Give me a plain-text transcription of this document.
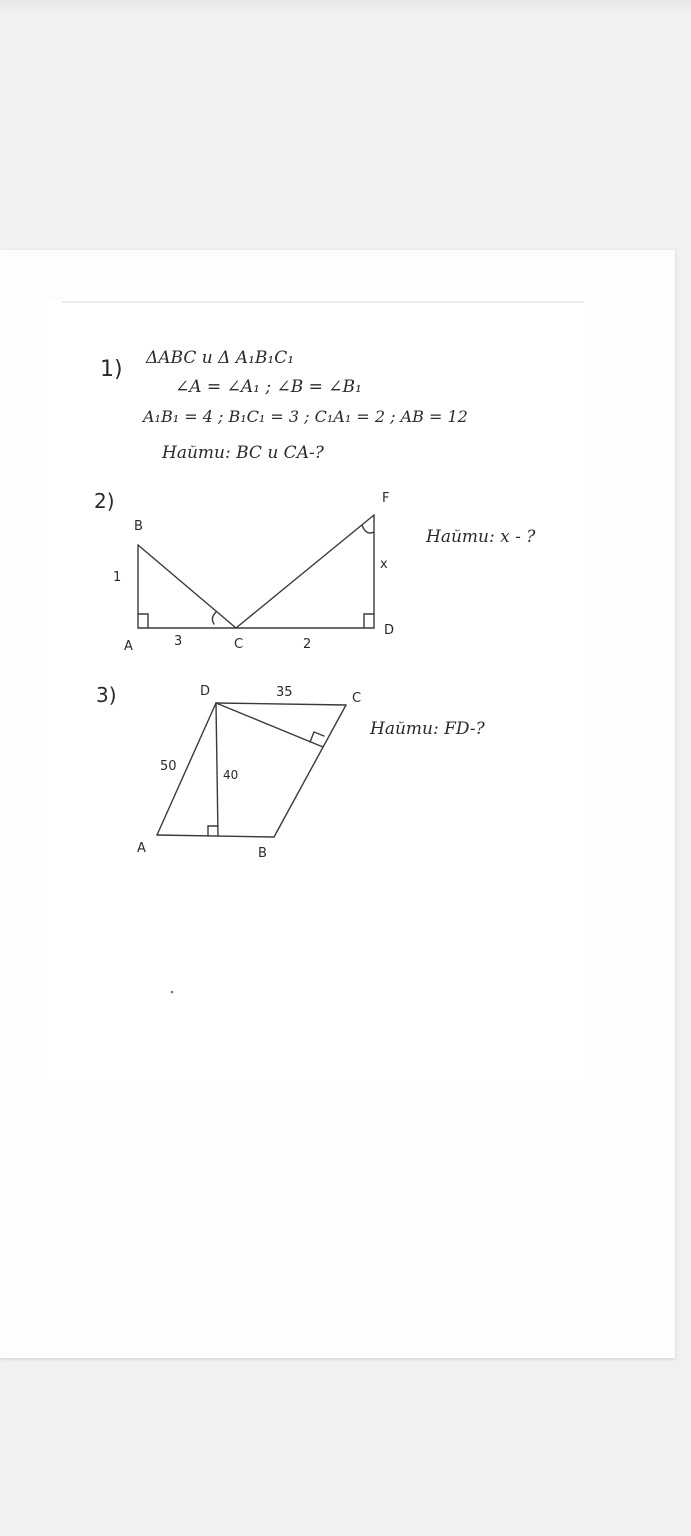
1) ΔABC и Δ A₁B₁C₁
∠A = ∠A₁ ; ∠B = ∠B₁
A₁B₁ = 4 ; B₁C₁ = 3 ; C₁A₁ = 2 ; AB = 12
Найти: BC и CA-?
2)
B
F
1
x
A	3	C	2
D
Найти: x - ?
3)	D	35	C
50
40
A	B
Найти: FD-?
